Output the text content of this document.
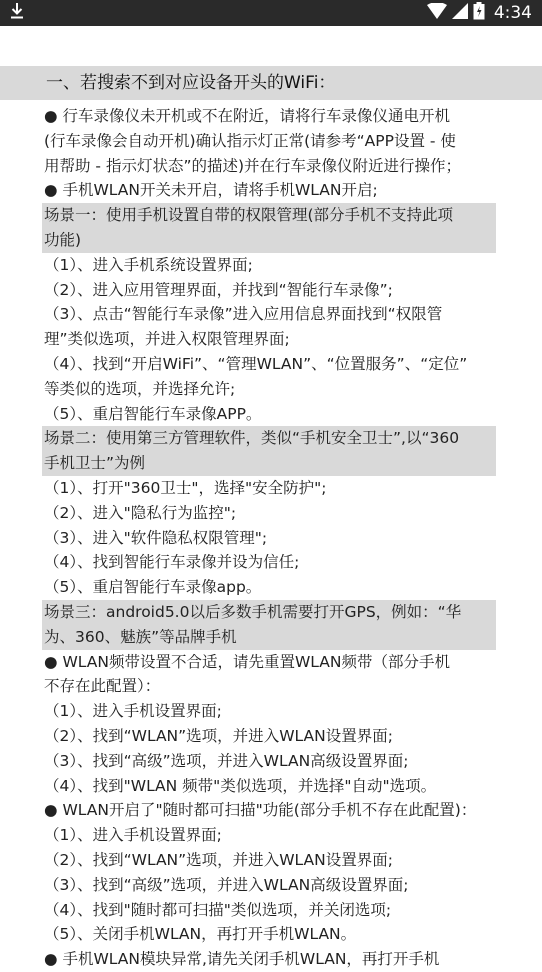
4:34
一、若搜索不到对应设备开头的WiFi：
● 行车录像仪未开机或不在附近，请将行车录像仪通电开机
(行车录像会自动开机)确认指示灯正常(请参考“APP设置 - 使
用帮助 - 指示灯状态”的描述)并在行车录像仪附近进行操作；
● 手机WLAN开关未开启，请将手机WLAN开启;
场景一：使用手机设置自带的权限管理(部分手机不支持此项
功能)
（1）、进入手机系统设置界面;
（2）、进入应用管理界面，并找到“智能行车录像”;
（3）、点击“智能行车录像”进入应用信息界面找到“权限管
理”类似选项，并进入权限管理界面;
（4）、找到“开启WiFi”、“管理WLAN”、“位置服务”、“定位”
等类似的选项，并选择允许;
（5）、重启智能行车录像APP。
场景二：使用第三方管理软件，类似“手机安全卫士”,以“360
手机卫士”为例
（1）、打开"360卫士"，选择"安全防护";
（2）、进入"隐私行为监控";
（3）、进入"软件隐私权限管理";
（4）、找到智能行车录像并设为信任;
（5）、重启智能行车录像app。
场景三：android5.0以后多数手机需要打开GPS，例如：“华
为、360、魅族”等品牌手机
● WLAN频带设置不合适，请先重置WLAN频带（部分手机
不存在此配置）：
（1）、进入手机设置界面;
（2）、找到“WLAN”选项，并进入WLAN设置界面;
（3）、找到“高级”选项，并进入WLAN高级设置界面;
（4）、找到"WLAN 频带"类似选项，并选择"自动"选项。
● WLAN开启了"随时都可扫描"功能(部分手机不存在此配置)：
（1）、进入手机设置界面;
（2）、找到“WLAN”选项，并进入WLAN设置界面;
（3）、找到“高级”选项，并进入WLAN高级设置界面;
（4）、找到"随时都可扫描"类似选项，并关闭选项;
（5）、关闭手机WLAN，再打开手机WLAN。
● 手机WLAN模块异常,请先关闭手机WLAN，再打开手机
